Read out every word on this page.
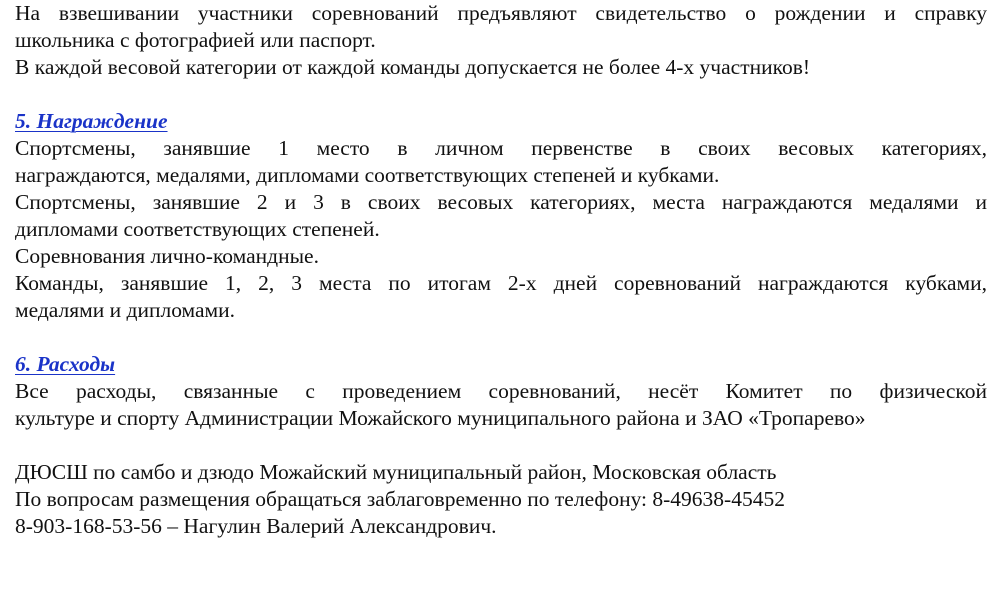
На взвешивании участники соревнований предъявляют свидетельство о рождении и справку
школьника с фотографией или паспорт.
В каждой весовой категории от каждой команды допускается не более 4-х участников!

5. Награждение

Спортсмены, занявшие 1 место в личном первенстве в своих весовых категориях,
награждаются, медалями, дипломами соответствующих степеней и кубками.

Спортсмены, занявшие 2 и 3 в своих весовых категориях, места награждаются медалями и
дипломами соответствующих степеней.

Соревнования лично-командные.

Команды, занявшие 1, 2, 3 места по итогам 2-х дней соревнований награждаются кубками,
медалями и дипломами.

6. Расходы

Все расходы, связанные с проведением соревнований, несёт Комитет по физической
культуре и спорту Администрации Можайского муниципального района и ЗАО «Тропарево»

ДЮСШ по самбо и дзюдо Можайский муниципальный район, Московская область
По вопросам размещения обращаться заблаговременно по телефону: 8-49638-45452
8-903-168-53-56 – Нагулин Валерий Александрович.
